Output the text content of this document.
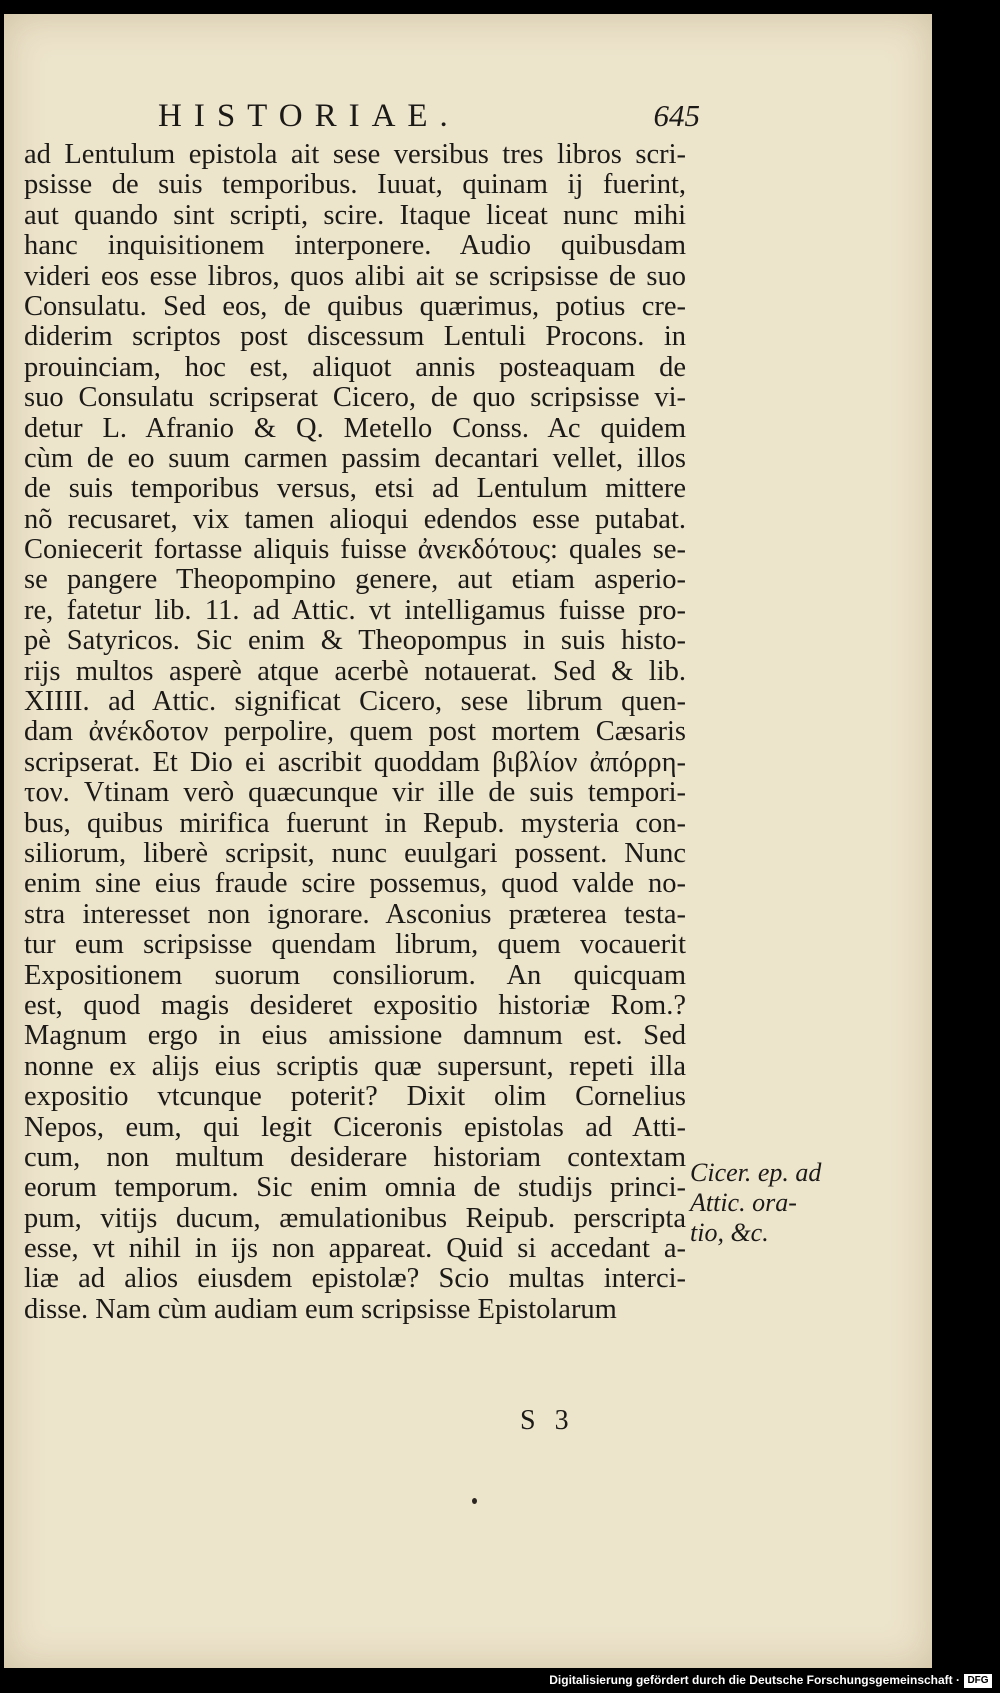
HISTORIAE.	645
ad Lentulum epistola ait sese versibus tres libros scri-
psisse de suis temporibus. Iuuat, quinam ij fuerint,
aut quando sint scripti, scire. Itaque liceat nunc mihi
hanc inquisitionem interponere. Audio quibusdam
videri eos esse libros, quos alibi ait se scripsisse de suo
Consulatu. Sed eos, de quibus quærimus, potius cre-
diderim scriptos post discessum Lentuli Procons. in
prouinciam, hoc est, aliquot annis posteaquam de
suo Consulatu scripserat Cicero, de quo scripsisse vi-
detur L. Afranio & Q. Metello Conss. Ac quidem
cùm de eo suum carmen passim decantari vellet, illos
de suis temporibus versus, etsi ad Lentulum mittere
nõ recusaret, vix tamen alioqui edendos esse putabat.
Coniecerit fortasse aliquis fuisse ἀνεκδότους: quales se-
se pangere Theopompino genere, aut etiam asperio-
re, fatetur lib. 11. ad Attic. vt intelligamus fuisse pro-
pè Satyricos. Sic enim & Theopompus in suis histo-
rijs multos asperè atque acerbè notauerat. Sed & lib.
XIIII. ad Attic. significat Cicero, sese librum quen-
dam ἀνέκδοτον perpolire, quem post mortem Cæsaris
scripserat. Et Dio ei ascribit quoddam βιβλίον ἀπόρρη-
τον. Vtinam verò quæcunque vir ille de suis tempori-
bus, quibus mirifica fuerunt in Repub. mysteria con-
siliorum, liberè scripsit, nunc euulgari possent. Nunc
enim sine eius fraude scire possemus, quod valde no-
stra interesset non ignorare. Asconius præterea testa-
tur eum scripsisse quendam librum, quem vocauerit
Expositionem suorum consiliorum. An quicquam
est, quod magis desideret expositio historiæ Rom.?
Magnum ergo in eius amissione damnum est. Sed
nonne ex alijs eius scriptis quæ supersunt, repeti illa
expositio vtcunque poterit? Dixit olim Cornelius
Nepos, eum, qui legit Ciceronis epistolas ad Atti-
cum, non multum desiderare historiam contextam
eorum temporum. Sic enim omnia de studijs princi-
pum, vitijs ducum, æmulationibus Reipub. perscripta
esse, vt nihil in ijs non appareat. Quid si accedant a-
liæ ad alios eiusdem epistolæ? Scio multas interci-
disse. Nam cùm audiam eum scripsisse Epistolarum
Cicer. ep. ad
Attic. ora-
tio, &c.
S 3
Digitalisierung gefördert durch die Deutsche Forschungsgemeinschaft · DFG
